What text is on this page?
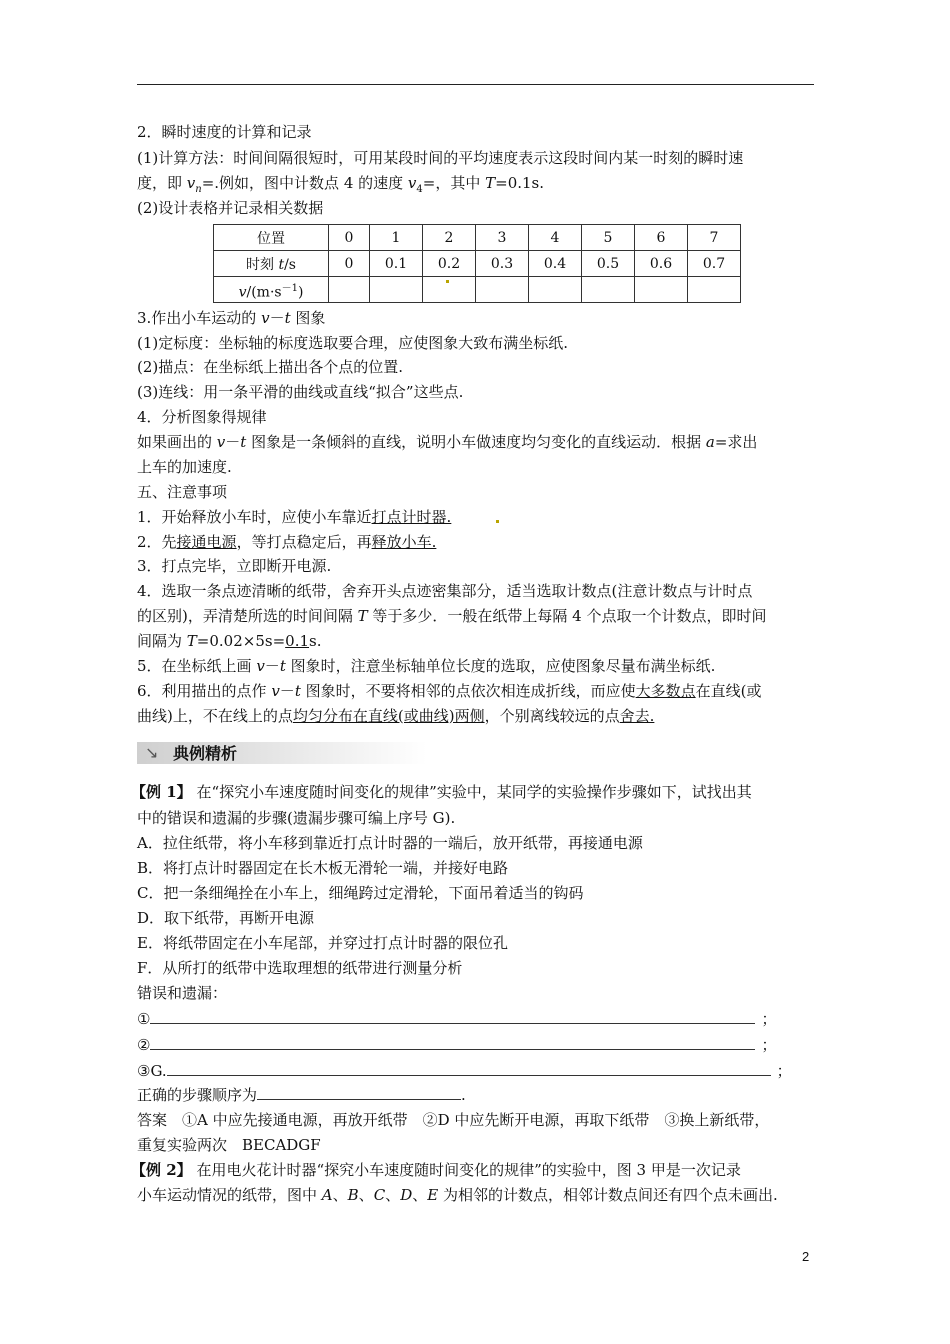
2．瞬时速度的计算和记录
(1)计算方法：时间间隔很短时，可用某段时间的平均速度表示这段时间内某一时刻的瞬时速
度，即 $v_n=$.例如，图中计数点 4 的速度 $v_4=$，其中 T=0.1s.
(2)设计表格并记录相关数据
位置	0	1	2	3	4	5	6	7
时刻 t/s	0	0.1	0.2	0.3	0.4	0.5	0.6	0.7
$v/(m\cdot s^{-1})$								
3.作出小车运动的 v－t 图象
(1)定标度：坐标轴的标度选取要合理，应使图象大致布满坐标纸.
(2)描点：在坐标纸上描出各个点的位置.
(3)连线：用一条平滑的曲线或直线“拟合”这些点.
4．分析图象得规律
如果画出的 v－t 图象是一条倾斜的直线，说明小车做速度均匀变化的直线运动．根据 a=求出
上车的加速度.
五、注意事项
1．开始释放小车时，应使小车靠近打点计时器.
2．先接通电源，等打点稳定后，再释放小车.
3．打点完毕，立即断开电源.
4．选取一条点迹清晰的纸带，舍弃开头点迹密集部分，适当选取计数点(注意计数点与计时点
的区别)，弄清楚所选的时间间隔 T 等于多少．一般在纸带上每隔 4 个点取一个计数点，即时间
间隔为 T=0.02×5s=0.1s.
5．在坐标纸上画 v－t 图象时，注意坐标轴单位长度的选取，应使图象尽量布满坐标纸.
6．利用描出的点作 v－t 图象时，不要将相邻的点依次相连成折线，而应使大多数点在直线(或
曲线)上，不在线上的点均匀分布在直线(或曲线)两侧，个别离线较远的点舍去.
↘ 典例精析
【例 1】 在“探究小车速度随时间变化的规律”实验中，某同学的实验操作步骤如下，试找出其
中的错误和遗漏的步骤(遗漏步骤可编上序号 G).
A．拉住纸带，将小车移到靠近打点计时器的一端后，放开纸带，再接通电源
B．将打点计时器固定在长木板无滑轮一端，并接好电路
C．把一条细绳拴在小车上，细绳跨过定滑轮，下面吊着适当的钩码
D．取下纸带，再断开电源
E．将纸带固定在小车尾部，并穿过打点计时器的限位孔
F．从所打的纸带中选取理想的纸带进行测量分析
错误和遗漏：
①	；
②	；
③G.	；
正确的步骤顺序为	.
答案　①A 中应先接通电源，再放开纸带　②D 中应先断开电源，再取下纸带　③换上新纸带，
重复实验两次　BECADGF
【例 2】 在用电火花计时器“探究小车速度随时间变化的规律”的实验中，图 3 甲是一次记录
小车运动情况的纸带，图中 A、B、C、D、E 为相邻的计数点，相邻计数点间还有四个点未画出.
2
